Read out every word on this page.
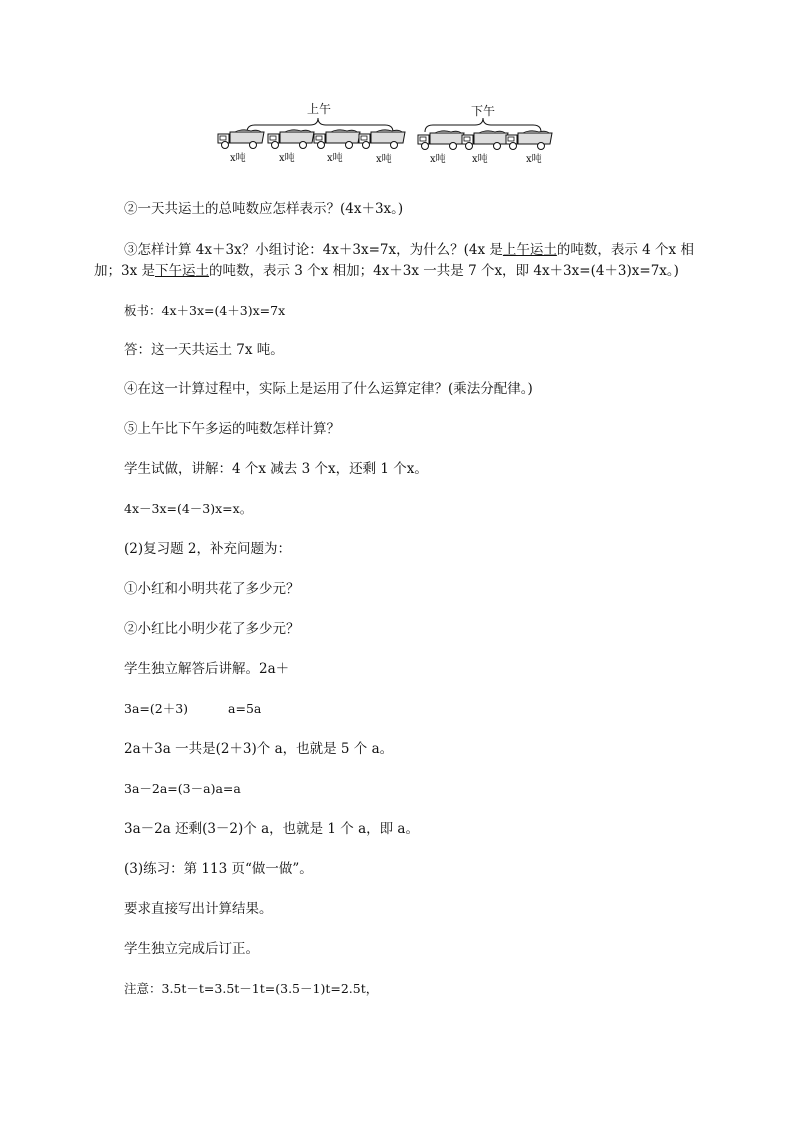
上午	下午
x吨	x吨	x吨	x吨	x吨	x吨	x吨
②一天共运土的总吨数应怎样表示？(4x＋3x。)
③怎样计算 4x＋3x？小组讨论：4x＋3x=7x，为什么？(4x 是上午运土的吨数，表示 4 个x 相
加；3x 是下午运土的吨数，表示 3 个x 相加；4x＋3x 一共是 7 个x，即 4x＋3x=(4＋3)x=7x。)
板书：4x＋3x=(4＋3)x=7x
答：这一天共运土 7x 吨。
④在这一计算过程中，实际上是运用了什么运算定律？(乘法分配律。)
⑤上午比下午多运的吨数怎样计算？
学生试做，讲解：4 个x 减去 3 个x，还剩 1 个x。
4x－3x=(4－3)x=x。
(2)复习题 2，补充问题为：
①小红和小明共花了多少元？
②小红比小明少花了多少元？
学生独立解答后讲解。2a＋
3a=(2＋3)	a=5a
2a＋3a 一共是(2＋3)个 a，也就是 5 个 a。
3a－2a=(3－a)a=a
3a－2a 还剩(3－2)个 a，也就是 1 个 a，即 a。
(3)练习：第 113 页“做一做”。
要求直接写出计算结果。
学生独立完成后订正。
注意：3.5t－t=3.5t－1t=(3.5－1)t=2.5t，
